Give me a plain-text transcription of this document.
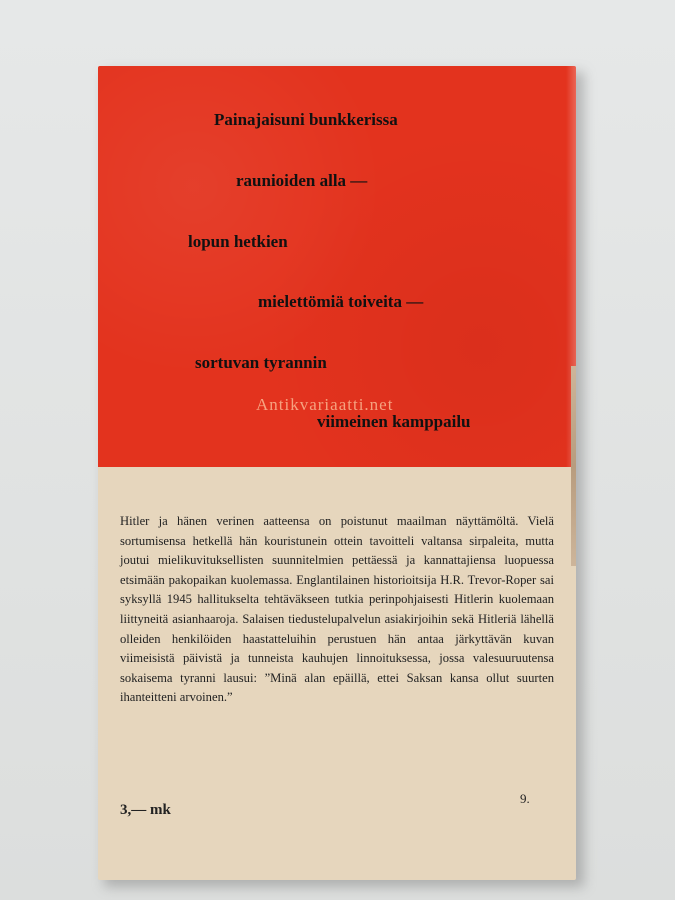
Painajaisuni bunkkerissa

raunioiden alla —

lopun hetkien

mielettömiä toiveita —

sortuvan tyrannin

viimeinen kamppailu

Antikvariaatti.net

Hitler ja hänen verinen aatteensa on poistunut maailman näyttämöltä. Vielä sortumisensa hetkellä hän kouristunein ottein tavoitteli valtansa sirpaleita, mutta joutui mielikuvituksellisten suunnitelmien pettäessä ja kannattajiensa luopuessa etsimään pakopaikan kuolemassa. Englantilainen historioitsija H.R. Trevor-Roper sai syksyllä 1945 hallitukselta tehtäväkseen tutkia perinpohjaisesti Hitlerin kuolemaan liittyneitä asianhaaroja. Salaisen tiedustelupalvelun asiakirjoihin sekä Hitleriä lähellä olleiden henkilöiden haastatteluihin perustuen hän antaa järkyttävän kuvan viimeisistä päivistä ja tunneista kauhujen linnoituksessa, jossa valesuuruutensa sokaisema tyranni lausui: ”Minä alan epäillä, ettei Saksan kansa ollut suurten ihanteitteni arvoinen.”

9.

3,— mk
